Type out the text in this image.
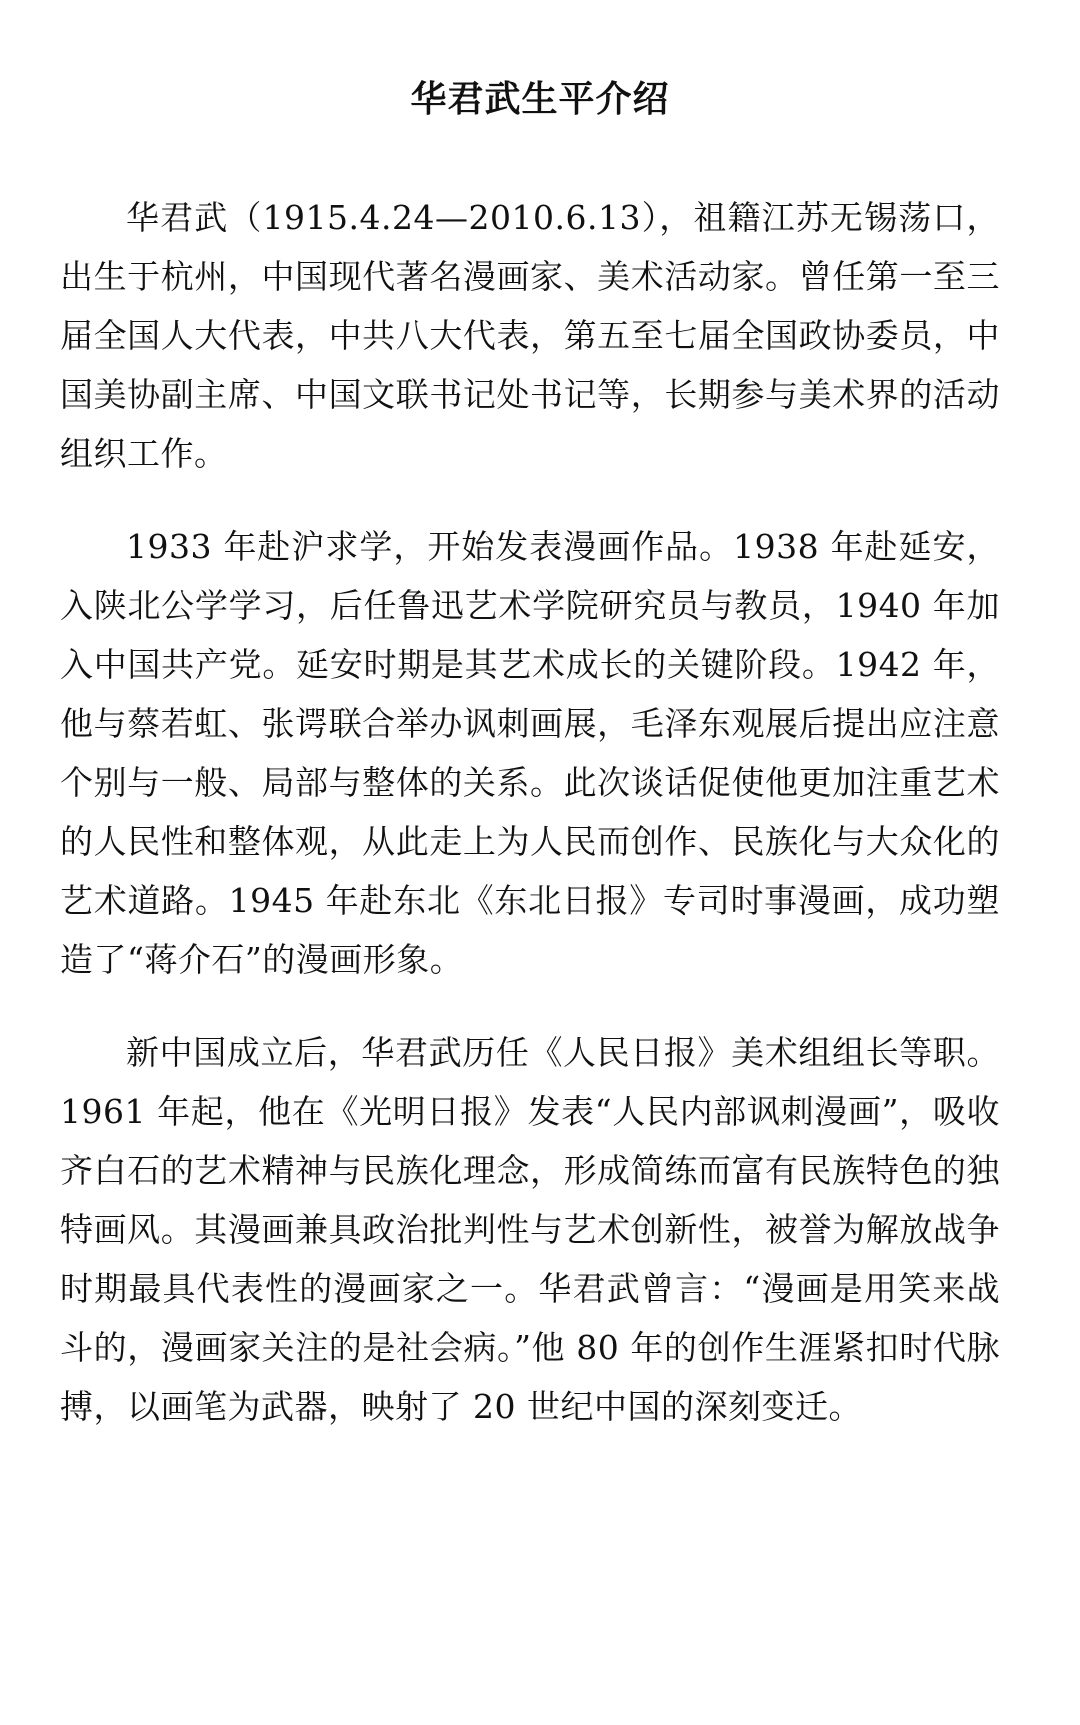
华君武生平介绍

华君武（1915.4.24—2010.6.13），祖籍江苏无锡荡口，出生于杭州，中国现代著名漫画家、美术活动家。曾任第一至三届全国人大代表，中共八大代表，第五至七届全国政协委员，中国美协副主席、中国文联书记处书记等，长期参与美术界的活动组织工作。

1933 年赴沪求学，开始发表漫画作品。1938 年赴延安，入陕北公学学习，后任鲁迅艺术学院研究员与教员，1940 年加入中国共产党。延安时期是其艺术成长的关键阶段。1942 年，他与蔡若虹、张谔联合举办讽刺画展，毛泽东观展后提出应注意个别与一般、局部与整体的关系。此次谈话促使他更加注重艺术的人民性和整体观，从此走上为人民而创作、民族化与大众化的艺术道路。1945 年赴东北《东北日报》专司时事漫画，成功塑造了“蒋介石”的漫画形象。

新中国成立后，华君武历任《人民日报》美术组组长等职。1961 年起，他在《光明日报》发表“人民内部讽刺漫画”，吸收齐白石的艺术精神与民族化理念，形成简练而富有民族特色的独特画风。其漫画兼具政治批判性与艺术创新性，被誉为解放战争时期最具代表性的漫画家之一。华君武曾言：“漫画是用笑来战斗的，漫画家关注的是社会病。”他 80 年的创作生涯紧扣时代脉搏，以画笔为武器，映射了 20 世纪中国的深刻变迁。
